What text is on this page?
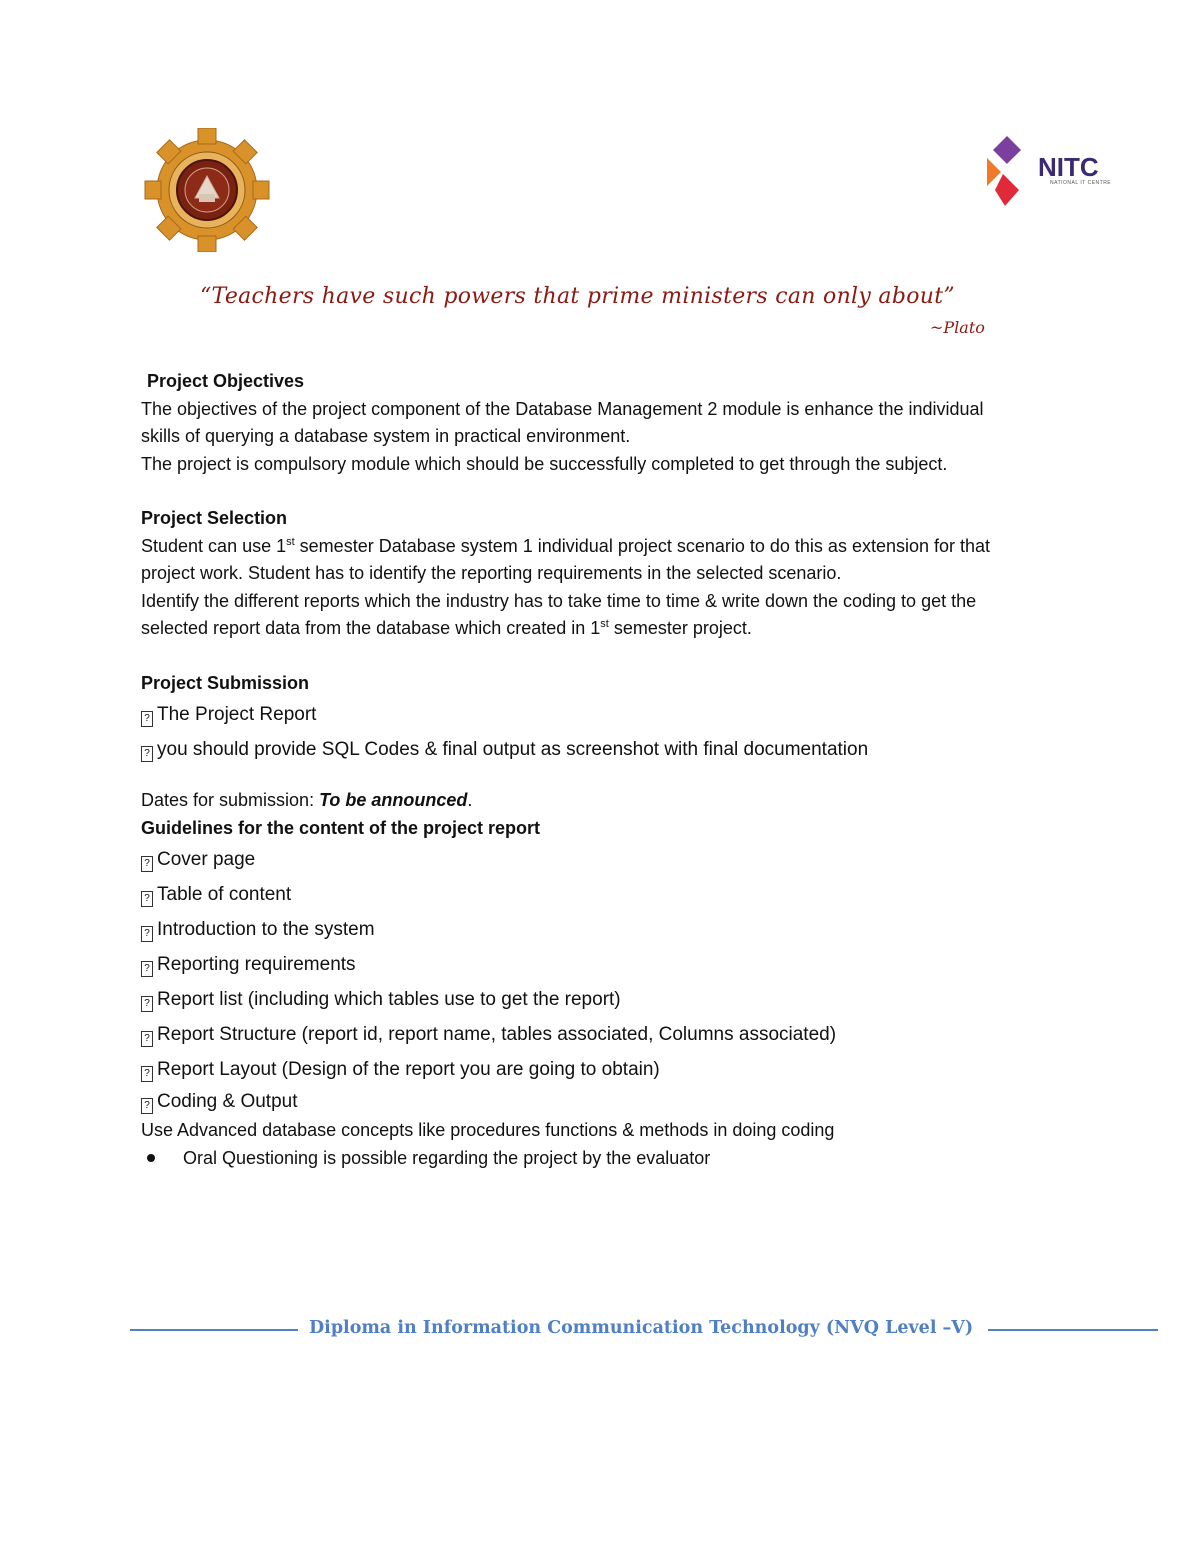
NITC
NATIONAL IT CENTRE
“Teachers have such powers that prime ministers can only about”
~Plato

Project Objectives

The objectives of the project component of the Database Management 2 module is enhance the individual

skills of querying a database system in practical environment.

The project is compulsory module which should be successfully completed to get through the subject.

Project Selection

Student can use 1st semester Database system 1 individual project scenario to do this as extension for that

project work. Student has to identify the reporting requirements in the selected scenario.

Identify the different reports which the industry has to take time to time & write down the coding to get the

selected report data from the database which created in 1st semester project.

Project Submission

? The Project Report
? you should provide SQL Codes & final output as screenshot with final documentation

Dates for submission: To be announced.

Guidelines for the content of the project report

? Cover page
? Table of content
? Introduction to the system
? Reporting requirements
? Report list (including which tables use to get the report)
? Report Structure (report id, report name, tables associated, Columns associated)
? Report Layout (Design of the report you are going to obtain)
? Coding & Output

Use Advanced database concepts like procedures functions & methods in doing coding

Oral Questioning is possible regarding the project by the evaluator
Diploma in Information Communication Technology (NVQ Level –V)
